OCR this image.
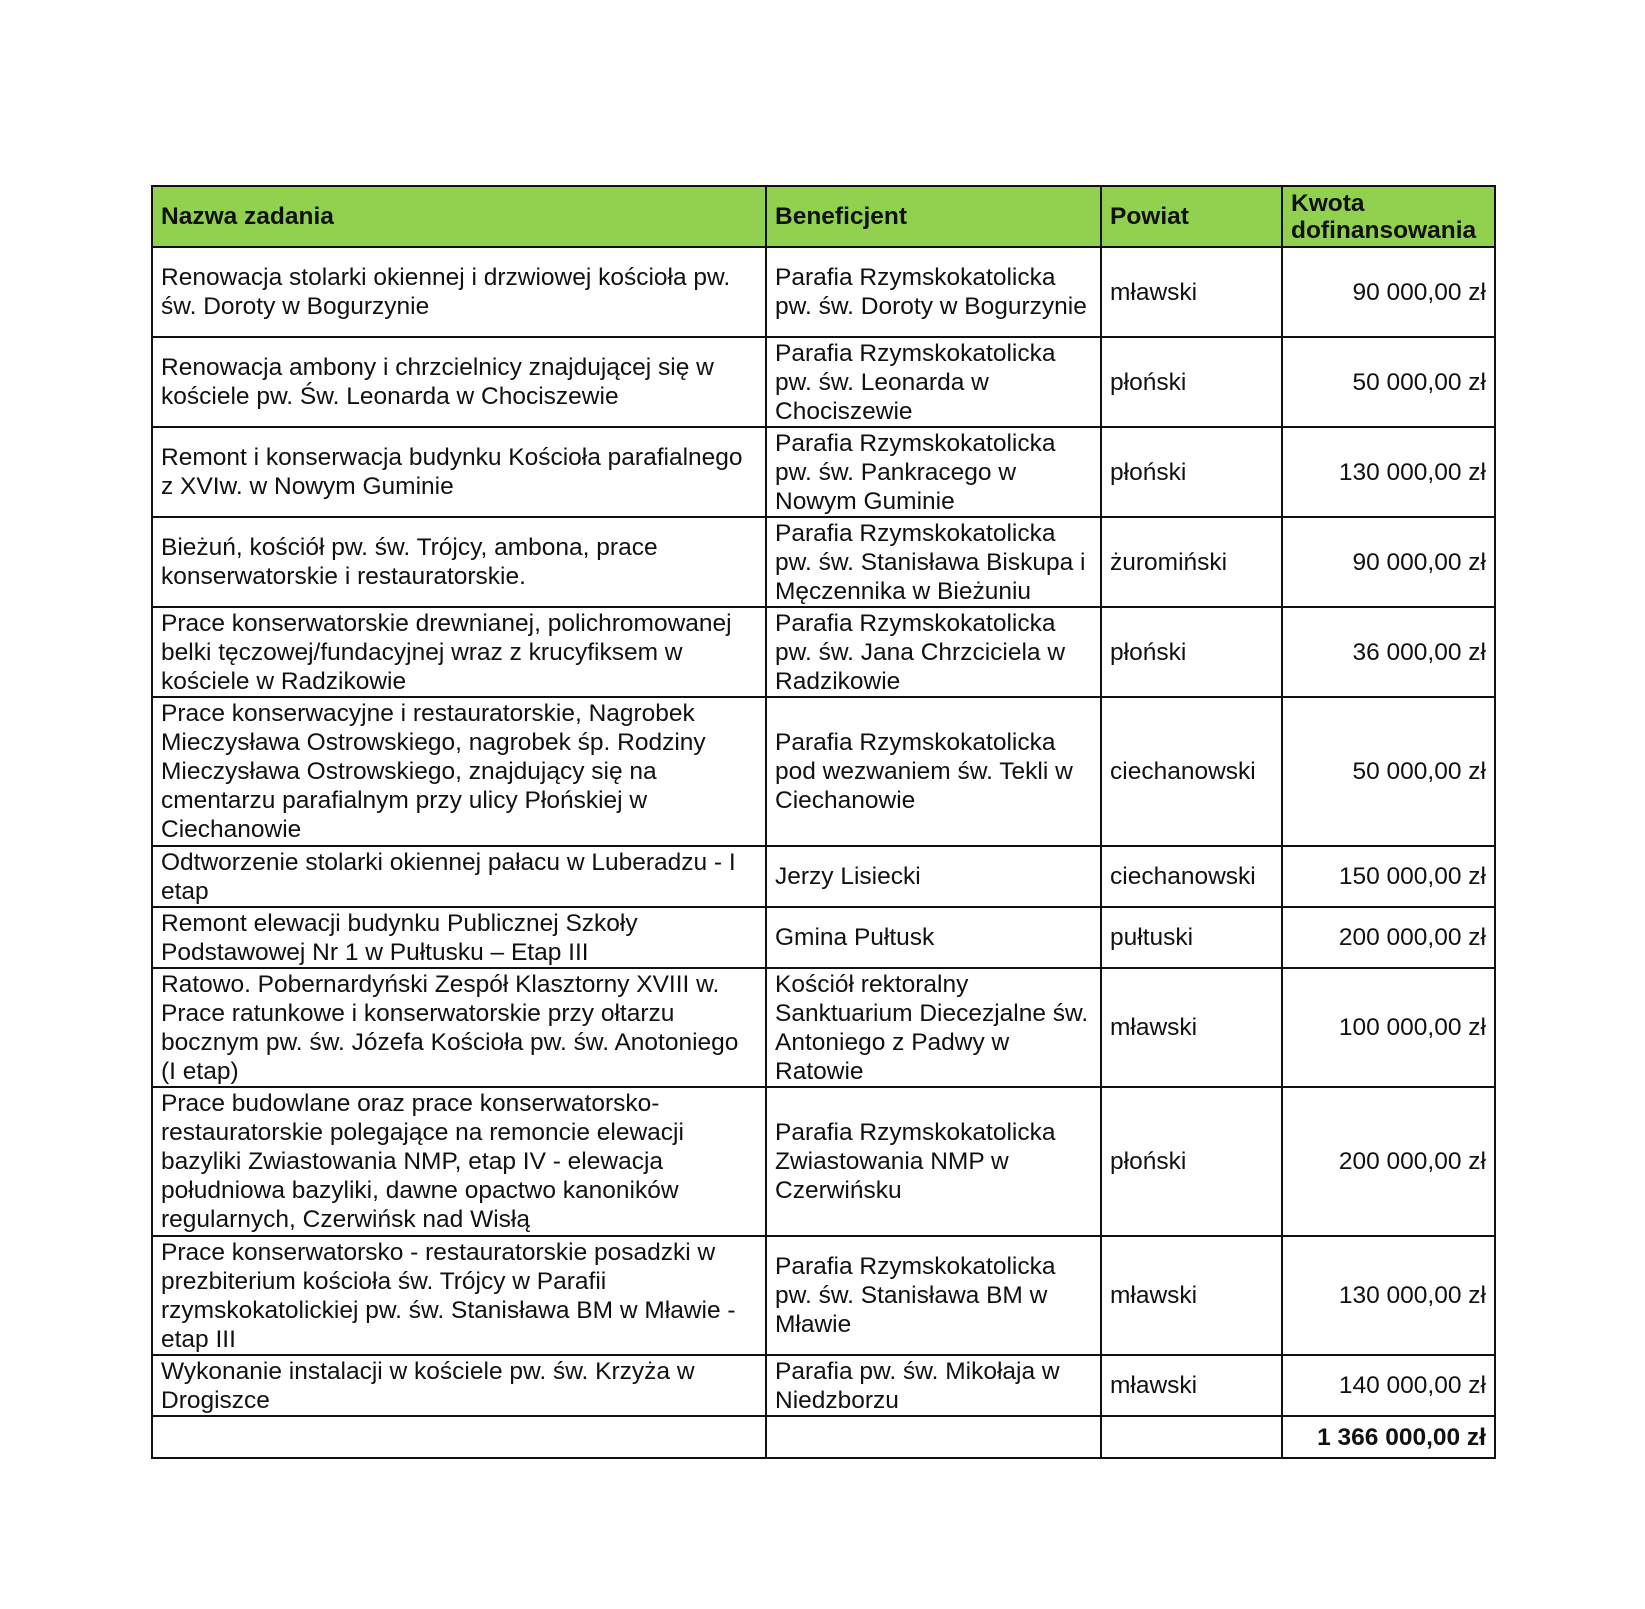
Nazwa zadania	Beneficjent	Powiat	Kwota dofinansowania
Renowacja stolarki okiennej i drzwiowej kościoła pw. św. Doroty w Bogurzynie	Parafia Rzymskokatolicka pw. św. Doroty w Bogurzynie	mławski	90 000,00 zł
Renowacja ambony i chrzcielnicy znajdującej się w kościele pw. Św. Leonarda w Chociszewie	Parafia Rzymskokatolicka pw. św. Leonarda w Chociszewie	płoński	50 000,00 zł
Remont i konserwacja budynku Kościoła parafialnego z XVIw. w Nowym Guminie	Parafia Rzymskokatolicka pw. św. Pankracego w Nowym Guminie	płoński	130 000,00 zł
Bieżuń, kościół pw. św. Trójcy, ambona, prace konserwatorskie i restauratorskie.	Parafia Rzymskokatolicka pw. św. Stanisława Biskupa i Męczennika w Bieżuniu	żuromiński	90 000,00 zł
Prace konserwatorskie drewnianej, polichromowanej belki tęczowej/fundacyjnej wraz z krucyfiksem w kościele w Radzikowie	Parafia Rzymskokatolicka pw. św. Jana Chrzciciela w Radzikowie	płoński	36 000,00 zł
Prace konserwacyjne i restauratorskie, Nagrobek Mieczysława Ostrowskiego, nagrobek śp. Rodziny Mieczysława Ostrowskiego, znajdujący się na cmentarzu parafialnym przy ulicy Płońskiej w Ciechanowie	Parafia Rzymskokatolicka pod wezwaniem św. Tekli w Ciechanowie	ciechanowski	50 000,00 zł
Odtworzenie stolarki okiennej pałacu w Luberadzu - I etap	Jerzy Lisiecki	ciechanowski	150 000,00 zł
Remont elewacji budynku Publicznej Szkoły Podstawowej Nr 1 w Pułtusku – Etap III	Gmina Pułtusk	pułtuski	200 000,00 zł
Ratowo. Pobernardyński Zespół Klasztorny XVIII w. Prace ratunkowe i konserwatorskie przy ołtarzu bocznym pw. św. Józefa Kościoła pw. św. Anotoniego (I etap)	Kościół rektoralny Sanktuarium Diecezjalne św. Antoniego z Padwy w Ratowie	mławski	100 000,00 zł
Prace budowlane oraz prace konserwatorsko-restauratorskie polegające na remoncie elewacji bazyliki Zwiastowania NMP, etap IV - elewacja południowa bazyliki, dawne opactwo kanoników regularnych, Czerwińsk nad Wisłą	Parafia Rzymskokatolicka Zwiastowania NMP w Czerwińsku	płoński	200 000,00 zł
Prace konserwatorsko - restauratorskie posadzki w prezbiterium kościoła św. Trójcy w Parafii rzymskokatolickiej pw. św. Stanisława BM w Mławie - etap III	Parafia Rzymskokatolicka pw. św. Stanisława BM w Mławie	mławski	130 000,00 zł
Wykonanie instalacji w kościele pw. św. Krzyża w Drogiszce	Parafia pw. św. Mikołaja w Niedzborzu	mławski	140 000,00 zł
			1 366 000,00 zł
